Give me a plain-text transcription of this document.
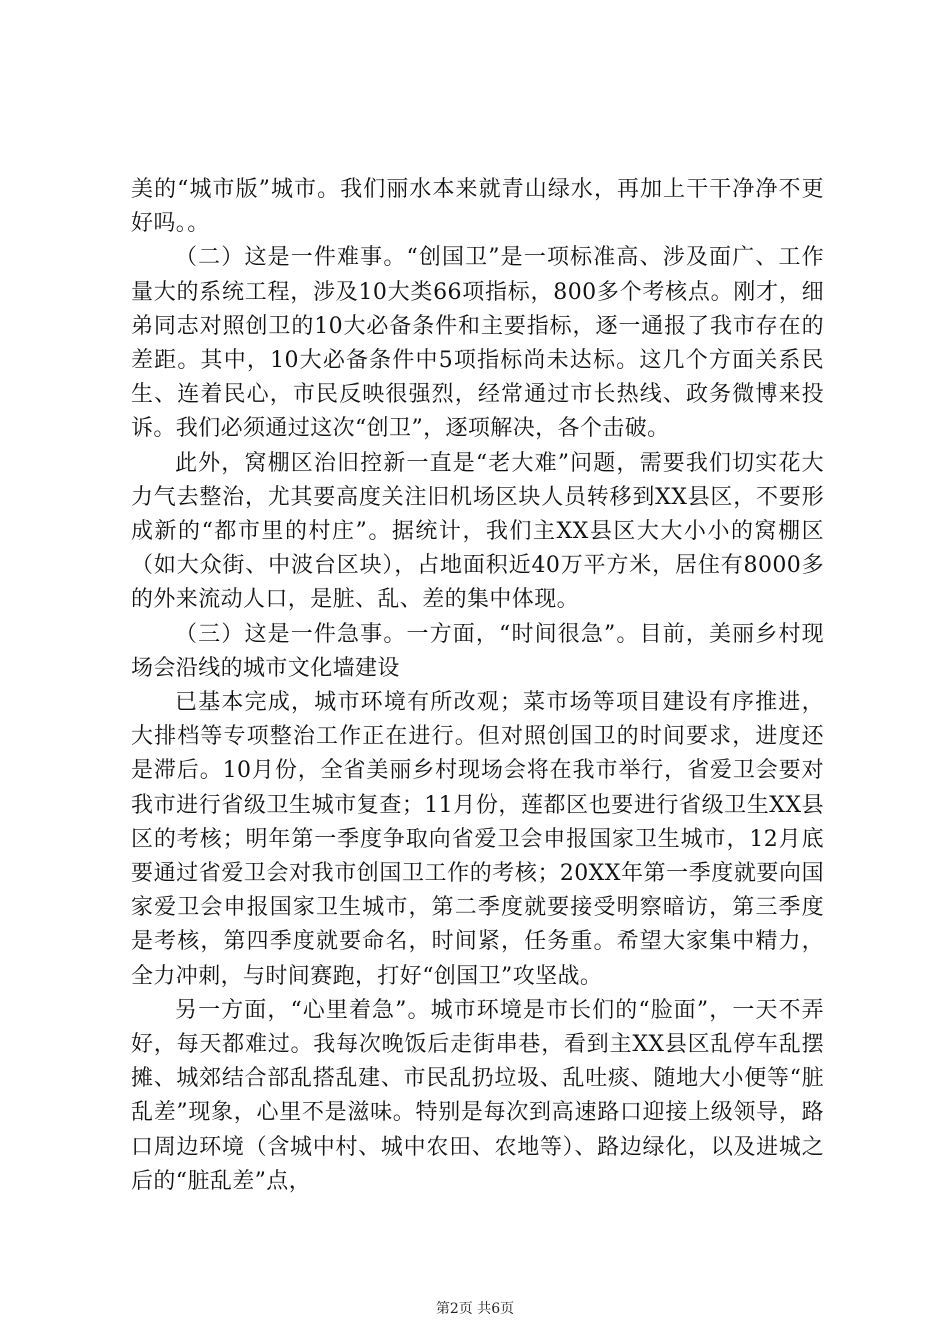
美的“城市版”城市。我们丽水本来就青山绿水，再加上干干净净不更好吗。。

（二）这是一件难事。“创国卫”是一项标准高、涉及面广、工作量大的系统工程，涉及10大类66项指标，800多个考核点。刚才，细弟同志对照创卫的10大必备条件和主要指标，逐一通报了我市存在的差距。其中，10大必备条件中5项指标尚未达标。这几个方面关系民生、连着民心，市民反映很强烈，经常通过市长热线、政务微博来投诉。我们必须通过这次“创卫”，逐项解决，各个击破。

此外，窝棚区治旧控新一直是“老大难”问题，需要我们切实花大力气去整治，尤其要高度关注旧机场区块人员转移到XX县区，不要形成新的“都市里的村庄”。据统计，我们主XX县区大大小小的窝棚区（如大众街、中波台区块），占地面积近40万平方米，居住有8000多的外来流动人口，是脏、乱、差的集中体现。

（三）这是一件急事。一方面，“时间很急”。目前，美丽乡村现场会沿线的城市文化墙建设

已基本完成，城市环境有所改观；菜市场等项目建设有序推进，大排档等专项整治工作正在进行。但对照创国卫的时间要求，进度还是滞后。10月份，全省美丽乡村现场会将在我市举行，省爱卫会要对我市进行省级卫生城市复查；11月份，莲都区也要进行省级卫生XX县区的考核；明年第一季度争取向省爱卫会申报国家卫生城市，12月底要通过省爱卫会对我市创国卫工作的考核；20XX年第一季度就要向国家爱卫会申报国家卫生城市，第二季度就要接受明察暗访，第三季度是考核，第四季度就要命名，时间紧，任务重。希望大家集中精力，全力冲刺，与时间赛跑，打好“创国卫”攻坚战。

另一方面，“心里着急”。城市环境是市长们的“脸面”，一天不弄好，每天都难过。我每次晚饭后走街串巷，看到主XX县区乱停车乱摆摊、城郊结合部乱搭乱建、市民乱扔垃圾、乱吐痰、随地大小便等“脏乱差”现象，心里不是滋味。特别是每次到高速路口迎接上级领导，路口周边环境（含城中村、城中农田、农地等）、路边绿化，以及进城之后的“脏乱差”点，

第2页 共6页
